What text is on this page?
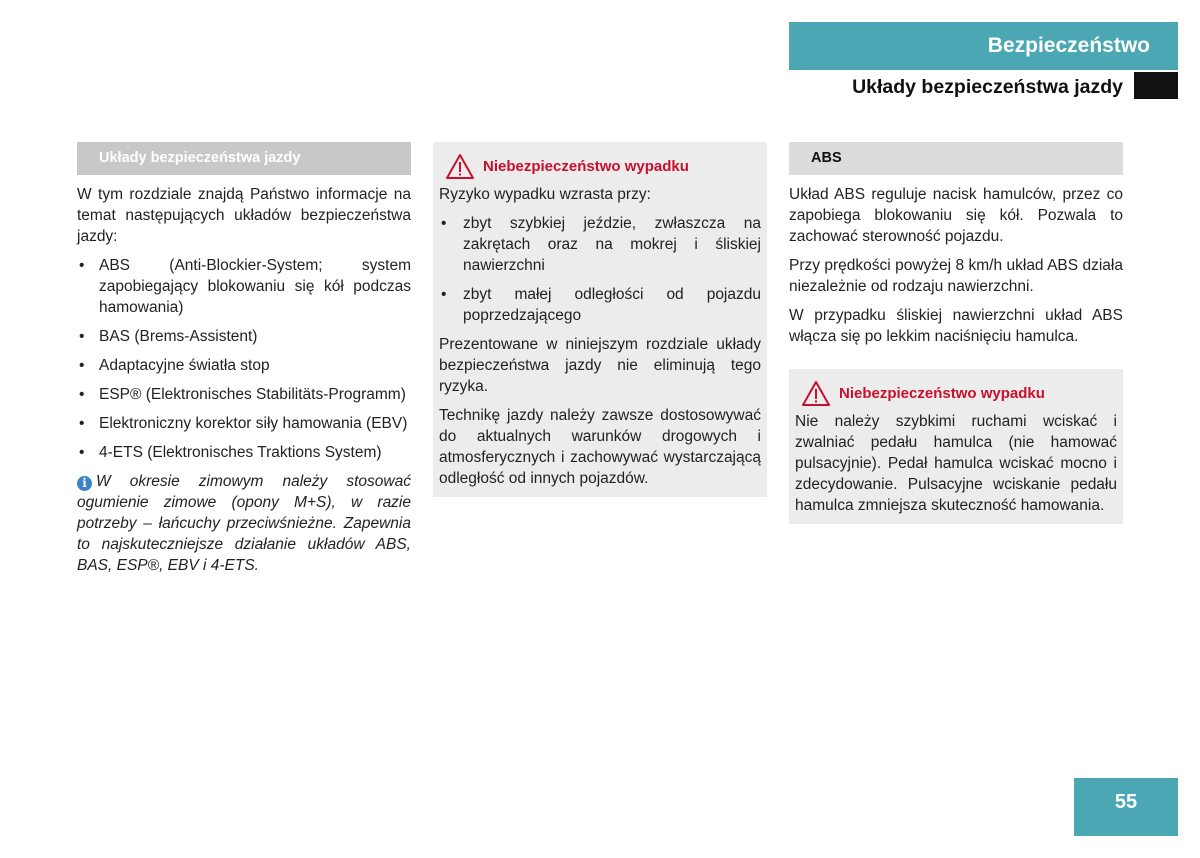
Bezpieczeństwo
Układy bezpieczeństwa jazdy
Układy bezpieczeństwa jazdy

W tym rozdziale znajdą Państwo informacje na temat następujących układów bezpieczeństwa jazdy:

• ABS (Anti-Blockier-System; system zapobiegający blokowaniu się kół podczas hamowania)
• BAS (Brems-Assistent)
• Adaptacyjne światła stop
• ESP® (Elektronisches Stabilitäts-Programm)
• Elektroniczny korektor siły hamowania (EBV)
• 4-ETS (Elektronisches Traktions System)

i W okresie zimowym należy stosować ogumienie zimowe (opony M+S), w razie potrzeby – łańcuchy przeciwśnieżne. Zapewnia to najskuteczniejsze działanie układów ABS, BAS, ESP®, EBV i 4-ETS.

Niebezpieczeństwo wypadku

Ryzyko wypadku wzrasta przy:

• zbyt szybkiej jeździe, zwłaszcza na zakrętach oraz na mokrej i śliskiej nawierzchni
• zbyt małej odległości od pojazdu poprzedzającego

Prezentowane w niniejszym rozdziale układy bezpieczeństwa jazdy nie eliminują tego ryzyka.

Technikę jazdy należy zawsze dostosowywać do aktualnych warunków drogowych i atmosferycznych i zachowywać wystarczającą odległość od innych pojazdów.

ABS

Układ ABS reguluje nacisk hamulców, przez co zapobiega blokowaniu się kół. Pozwala to zachować sterowność pojazdu.

Przy prędkości powyżej 8 km/h układ ABS działa niezależnie od rodzaju nawierzchni.

W przypadku śliskiej nawierzchni układ ABS włącza się po lekkim naciśnięciu hamulca.

Niebezpieczeństwo wypadku

Nie należy szybkimi ruchami wciskać i zwalniać pedału hamulca (nie hamować pulsacyjnie). Pedał hamulca wciskać mocno i zdecydowanie. Pulsacyjne wciskanie pedału hamulca zmniejsza skuteczność hamowania.

55
